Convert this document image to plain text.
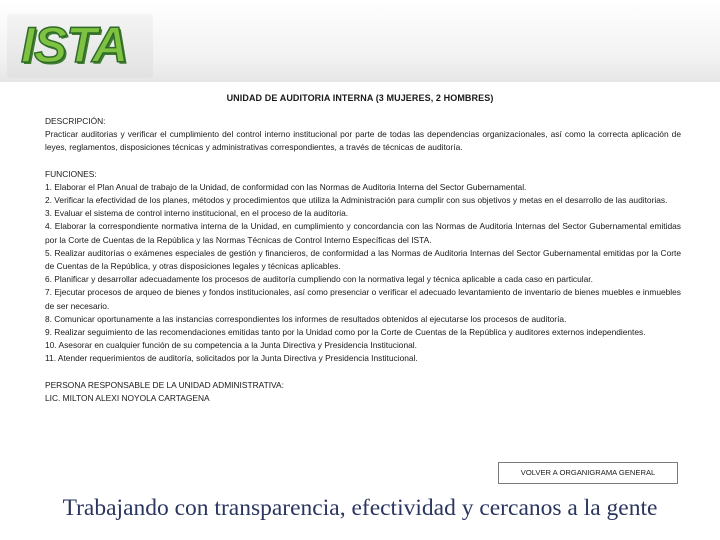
ISTA
UNIDAD DE AUDITORIA INTERNA (3 MUJERES, 2 HOMBRES)
DESCRIPCIÓN:

Practicar auditorias y verificar el cumplimiento del control interno institucional por parte de todas las dependencias organizacionales, así como la correcta aplicación de leyes, reglamentos, disposiciones técnicas y administrativas correspondientes, a través de técnicas de auditoría.

FUNCIONES:

1. Elaborar el Plan Anual de trabajo de la Unidad, de conformidad con las Normas de Auditoria Interna del Sector Gubernamental.

2. Verificar la efectividad de los planes, métodos y procedimientos que utiliza la Administración para cumplir con sus objetivos y metas en el desarrollo de las auditorias.

3. Evaluar el sistema de control interno institucional, en el proceso de la auditoria.

4. Elaborar la correspondiente normativa interna de la Unidad, en cumplimiento y concordancia con las Normas de Auditoria Internas del Sector Gubernamental emitidas por la Corte de Cuentas de la República y las Normas Técnicas de Control Interno Específicas del ISTA.

5. Realizar auditorías o exámenes especiales de gestión y financieros, de conformidad a las Normas de Auditoria Internas del Sector Gubernamental emitidas por la Corte de Cuentas de la República, y otras disposiciones legales y técnicas aplicables.

6. Planificar y desarrollar adecuadamente los procesos de auditoría cumpliendo con la normativa legal y técnica aplicable a cada caso en particular.

7. Ejecutar procesos de arqueo de bienes y fondos institucionales, así como presenciar o verificar el adecuado levantamiento de inventario de bienes muebles e inmuebles de ser necesario.

8. Comunicar oportunamente a las instancias correspondientes los informes de resultados obtenidos al ejecutarse los procesos de auditoría.

9. Realizar seguimiento de las recomendaciones emitidas tanto por la Unidad como por la Corte de Cuentas de la República y auditores externos independientes.

10. Asesorar en cualquier función de su competencia a la Junta Directiva y Presidencia Institucional.

11. Atender requerimientos de auditoría, solicitados por la Junta Directiva y Presidencia Institucional.

PERSONA RESPONSABLE DE LA UNIDAD ADMINISTRATIVA:
LIC. MILTON ALEXI NOYOLA CARTAGENA
VOLVER A ORGANIGRAMA GENERAL
Trabajando con transparencia, efectividad y cercanos a la gente
